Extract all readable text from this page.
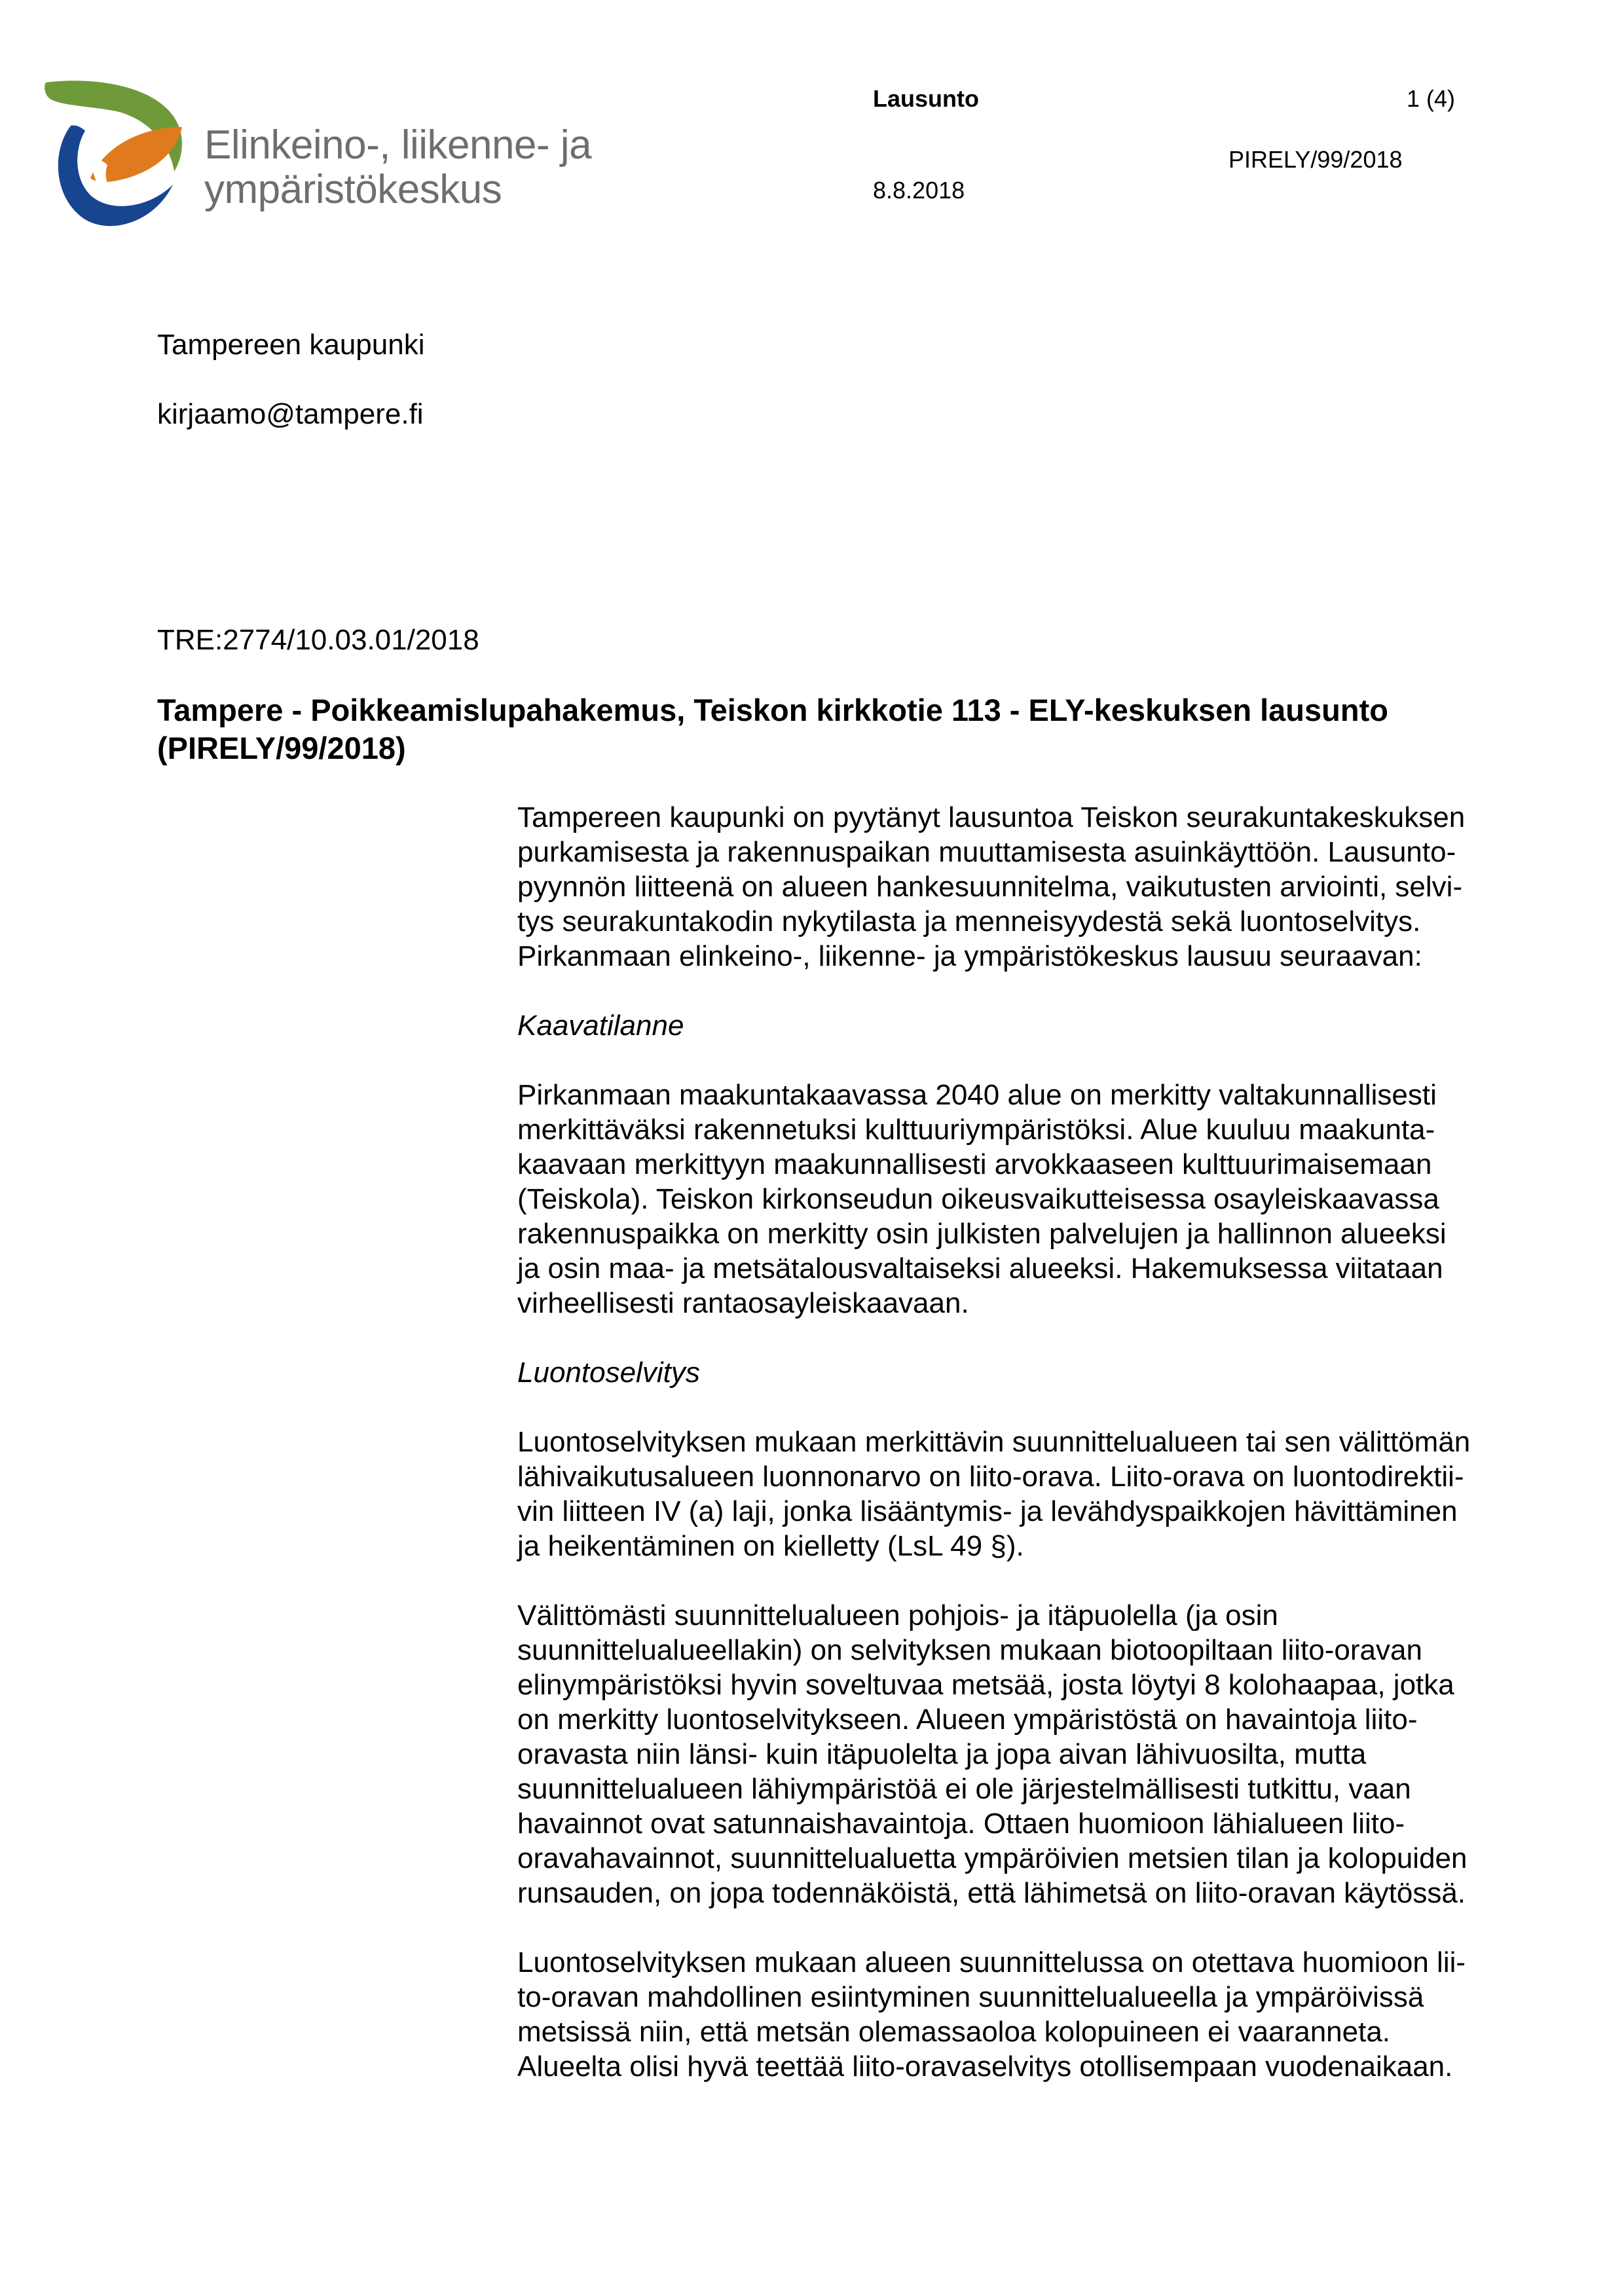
Elinkeino-, liikenne- ja
ympäristökeskus
Lausunto	1 (4)
PIRELY/99/2018
8.8.2018
Tampereen kaupunki
kirjaamo@tampere.fi
TRE:2774/10.03.01/2018
Tampere - Poikkeamislupahakemus, Teiskon kirkkotie 113 - ELY-keskuksen lausunto
(PIRELY/99/2018)

Tampereen kaupunki on pyytänyt lausuntoa Teiskon seurakuntakeskuksen
purkamisesta ja rakennuspaikan muuttamisesta asuinkäyttöön. Lausunto-
pyynnön liitteenä on alueen hankesuunnitelma, vaikutusten arviointi, selvi-
tys seurakuntakodin nykytilasta ja menneisyydestä sekä luontoselvitys.
Pirkanmaan elinkeino-, liikenne- ja ympäristökeskus lausuu seuraavan:

Kaavatilanne

Pirkanmaan maakuntakaavassa 2040 alue on merkitty valtakunnallisesti
merkittäväksi rakennetuksi kulttuuriympäristöksi. Alue kuuluu maakunta-
kaavaan merkittyyn maakunnallisesti arvokkaaseen kulttuurimaisemaan
(Teiskola). Teiskon kirkonseudun oikeusvaikutteisessa osayleiskaavassa
rakennuspaikka on merkitty osin julkisten palvelujen ja hallinnon alueeksi
ja osin maa- ja metsätalousvaltaiseksi alueeksi. Hakemuksessa viitataan
virheellisesti rantaosayleiskaavaan.

Luontoselvitys

Luontoselvityksen mukaan merkittävin suunnittelualueen tai sen välittömän
lähivaikutusalueen luonnonarvo on liito-orava. Liito-orava on luontodirektii-
vin liitteen IV (a) laji, jonka lisääntymis- ja levähdyspaikkojen hävittäminen
ja heikentäminen on kielletty (LsL 49 §).

Välittömästi suunnittelualueen pohjois- ja itäpuolella (ja osin
suunnittelualueellakin) on selvityksen mukaan biotoopiltaan liito-oravan
elinympäristöksi hyvin soveltuvaa metsää, josta löytyi 8 kolohaapaa, jotka
on merkitty luontoselvitykseen. Alueen ympäristöstä on havaintoja liito-
oravasta niin länsi- kuin itäpuolelta ja jopa aivan lähivuosilta, mutta
suunnittelualueen lähiympäristöä ei ole järjestelmällisesti tutkittu, vaan
havainnot ovat satunnaishavaintoja. Ottaen huomioon lähialueen liito-
oravahavainnot, suunnittelualuetta ympäröivien metsien tilan ja kolopuiden
runsauden, on jopa todennäköistä, että lähimetsä on liito-oravan käytössä.

Luontoselvityksen mukaan alueen suunnittelussa on otettava huomioon lii-
to-oravan mahdollinen esiintyminen suunnittelualueella ja ympäröivissä
metsissä niin, että metsän olemassaoloa kolopuineen ei vaaranneta.
Alueelta olisi hyvä teettää liito-oravaselvitys otollisempaan vuodenaikaan.
